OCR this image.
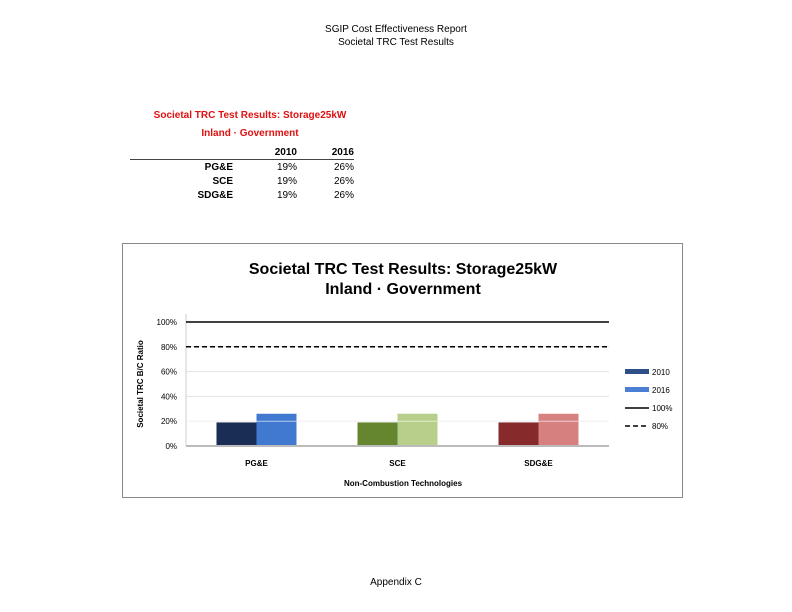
SGIP Cost Effectiveness Report
Societal TRC Test Results
Societal TRC Test Results: Storage25kW
Inland · Government
	2010	2016
PG&E	19%	26%
SCE	19%	26%
SDG&E	19%	26%
Societal TRC Test Results: Storage25kW
Inland · Government
0%
20%
40%
60%
80%
100%
PG&E	SCE	SDG&E
Non-Combustion Technologies
Societal TRC B/C Ratio	2010
2016
100%
80%
Appendix C
